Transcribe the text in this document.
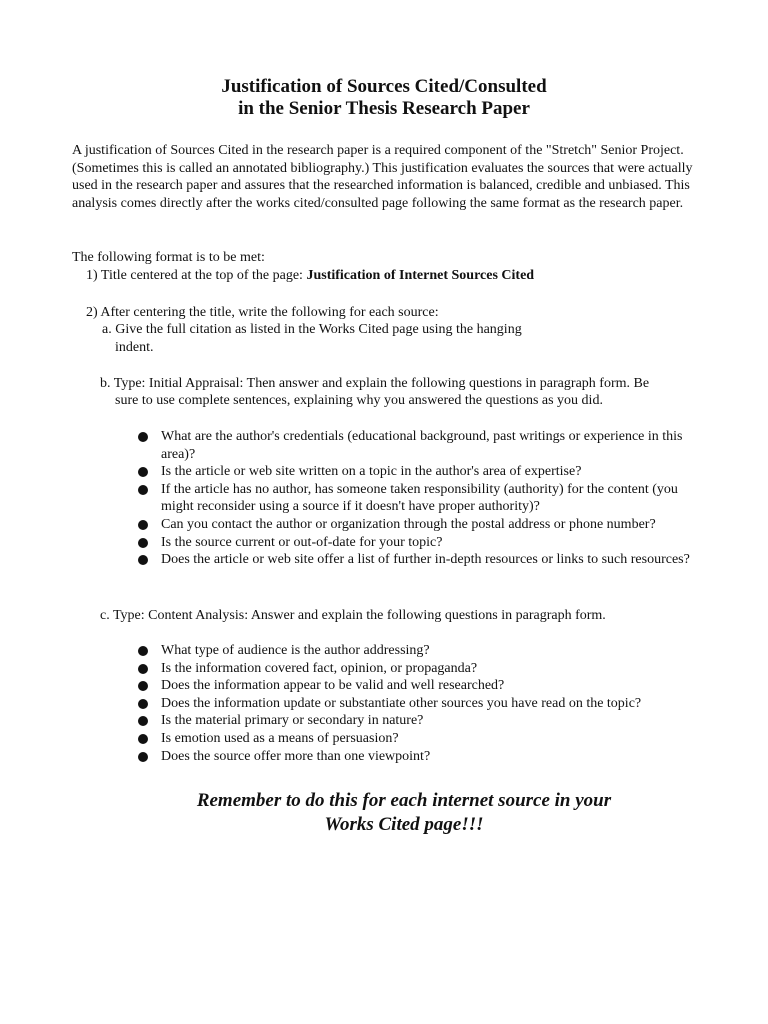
Justification of Sources Cited/Consulted
in the Senior Thesis Research Paper
A justification of Sources Cited in the research paper is a required component of the "Stretch" Senior Project. (Sometimes this is called an annotated bibliography.) This justification evaluates the sources that were actually used in the research paper and assures that the researched information is balanced, credible and unbiased. This analysis comes directly after the works cited/consulted page following the same format as the research paper.
The following format is to be met:
1) Title centered at the top of the page: Justification of Internet Sources Cited
2) After centering the title, write the following for each source:
a. Give the full citation as listed in the Works Cited page using the hanging
indent.
b. Type: Initial Appraisal: Then answer and explain the following questions in paragraph form. Be
sure to use complete sentences, explaining why you answered the questions as you did.
What are the author's credentials (educational background, past writings or experience in this area)?
Is the article or web site written on a topic in the author's area of expertise?
If the article has no author, has someone taken responsibility (authority) for the content (you might reconsider using a source if it doesn't have proper authority)?
Can you contact the author or organization through the postal address or phone number?
Is the source current or out-of-date for your topic?
Does the article or web site offer a list of further in-depth resources or links to such resources?
c. Type: Content Analysis: Answer and explain the following questions in paragraph form.
What type of audience is the author addressing?
Is the information covered fact, opinion, or propaganda?
Does the information appear to be valid and well researched?
Does the information update or substantiate other sources you have read on the topic?
Is the material primary or secondary in nature?
Is emotion used as a means of persuasion?
Does the source offer more than one viewpoint?
Remember to do this for each internet source in your
Works Cited page!!!
